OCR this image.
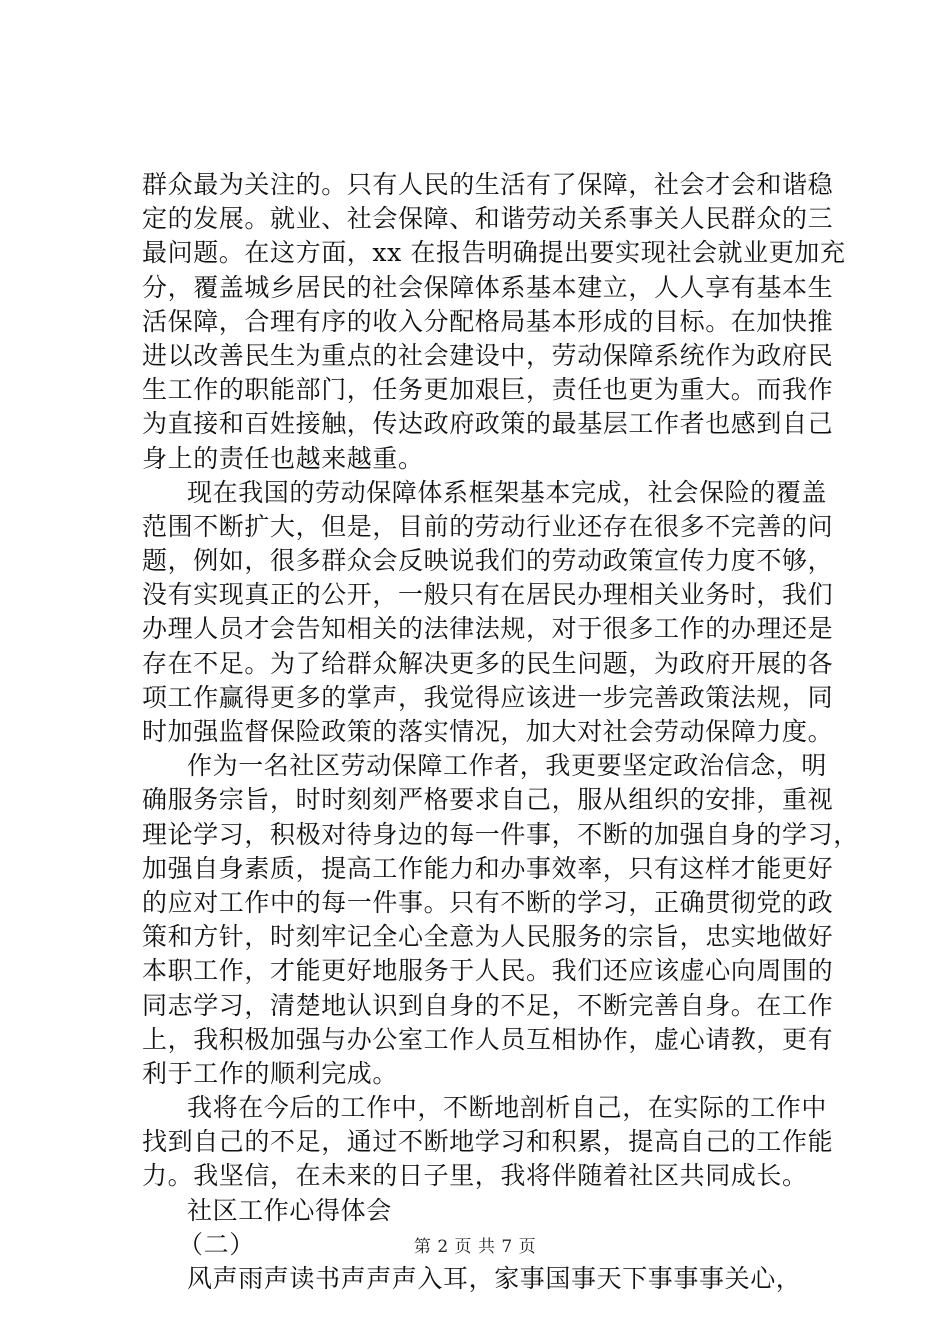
群众最为关注的。只有人民的生活有了保障，社会才会和谐稳
定的发展。就业、社会保障、和谐劳动关系事关人民群众的三
最问题。在这方面，xx 在报告明确提出要实现社会就业更加充
分，覆盖城乡居民的社会保障体系基本建立，人人享有基本生
活保障，合理有序的收入分配格局基本形成的目标。在加快推
进以改善民生为重点的社会建设中，劳动保障系统作为政府民
生工作的职能部门，任务更加艰巨，责任也更为重大。而我作
为直接和百姓接触，传达政府政策的最基层工作者也感到自己
身上的责任也越来越重。
现在我国的劳动保障体系框架基本完成，社会保险的覆盖
范围不断扩大，但是，目前的劳动行业还存在很多不完善的问
题，例如，很多群众会反映说我们的劳动政策宣传力度不够，
没有实现真正的公开，一般只有在居民办理相关业务时，我们
办理人员才会告知相关的法律法规，对于很多工作的办理还是
存在不足。为了给群众解决更多的民生问题，为政府开展的各
项工作赢得更多的掌声，我觉得应该进一步完善政策法规，同
时加强监督保险政策的落实情况，加大对社会劳动保障力度。
作为一名社区劳动保障工作者，我更要坚定政治信念，明
确服务宗旨，时时刻刻严格要求自己，服从组织的安排，重视
理论学习，积极对待身边的每一件事，不断的加强自身的学习，
加强自身素质，提高工作能力和办事效率，只有这样才能更好
的应对工作中的每一件事。只有不断的学习，正确贯彻党的政
策和方针，时刻牢记全心全意为人民服务的宗旨，忠实地做好
本职工作，才能更好地服务于人民。我们还应该虚心向周围的
同志学习，清楚地认识到自身的不足，不断完善自身。在工作
上，我积极加强与办公室工作人员互相协作，虚心请教，更有
利于工作的顺利完成。
我将在今后的工作中，不断地剖析自己，在实际的工作中
找到自己的不足，通过不断地学习和积累，提高自己的工作能
力。我坚信，在未来的日子里，我将伴随着社区共同成长。
社区工作心得体会
（二）
风声雨声读书声声声入耳，家事国事天下事事事关心，
第 2 页 共 7 页
